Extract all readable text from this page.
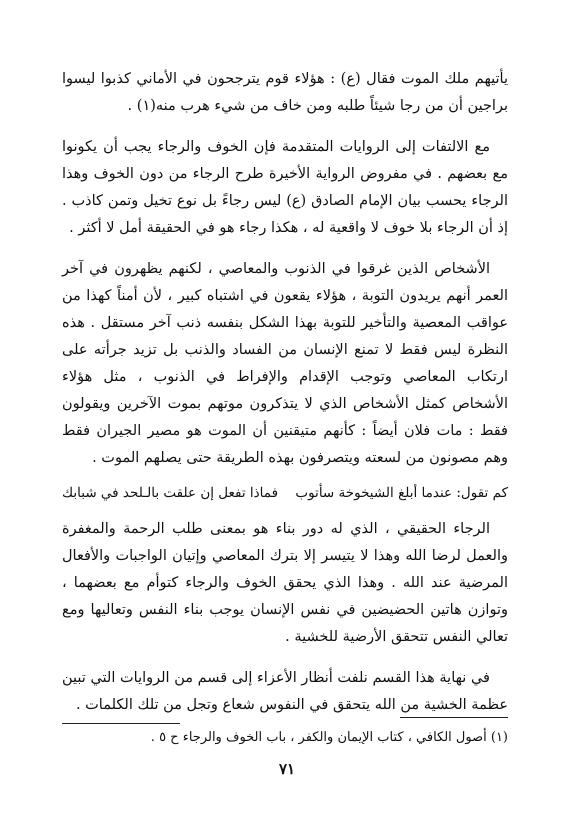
يأتيهم ملك الموت فقال (ع) : هؤلاء قوم يترجحون في الأماني كذبوا ليسوا براجين أن من رجا شيئاً طلبه ومن خاف من شيء هرب منه(١) .

مع الالتفات إلى الروايات المتقدمة فإن الخوف والرجاء يجب أن يكونوا مع بعضهم . في مفروض الرواية الأخيرة طرح الرجاء من دون الخوف وهذا الرجاء يحسب بيان الإمام الصادق (ع) ليس رجاءً بل نوع تخيل وتمن كاذب . إذ أن الرجاء بلا خوف لا واقعية له ، هكذا رجاء هو في الحقيقة أمل لا أكثر .

الأشخاص الذين غرقوا في الذنوب والمعاصي ، لكنهم يظهرون في آخر العمر أنهم يريدون التوبة ، هؤلاء يقعون في اشتباه كبير ، لأن أمناً كهذا من عواقب المعصية والتأخير للتوبة بهذا الشكل بنفسه ذنب آخر مستقل . هذه النظرة ليس فقط لا تمنع الإنسان من الفساد والذنب بل تزيد جرأته على ارتكاب المعاصي وتوجب الإقدام والإفراط في الذنوب ، مثل هؤلاء الأشخاص كمثل الأشخاص الذي لا يتذكرون موتهم بموت الآخرين ويقولون فقط : مات فلان أيضاً : كأنهم متيقنين أن الموت هو مصير الجيران فقط وهم مصونون من لسعته ويتصرفون بهذه الطريقة حتى يصلهم الموت .

كم تقول: عندما أبلغ الشيخوخة سأتوب
فماذا تفعل إن علقت بالـلحد في شبابك

الرجاء الحقيقي ، الذي له دور بناء هو بمعنى طلب الرحمة والمغفرة والعمل لرضا الله وهذا لا يتيسر إلا بترك المعاصي وإتيان الواجبات والأفعال المرضية عند الله . وهذا الذي يحقق الخوف والرجاء كتوأم مع بعضهما ، وتوازن هاتين الحضيضين في نفس الإنسان يوجب بناء النفس وتعاليها ومع تعالي النفس تتحقق الأرضية للخشية .

في نهاية هذا القسم نلفت أنظار الأعزاء إلى قسم من الروايات التي تبين عظمة الخشية من الله يتحقق في النفوس شعاع وتجل من تلك الكلمات .

(١) أصول الكافي ، كتاب الإيمان والكفر ، باب الخوف والرجاء ح ٥ .
٧١
